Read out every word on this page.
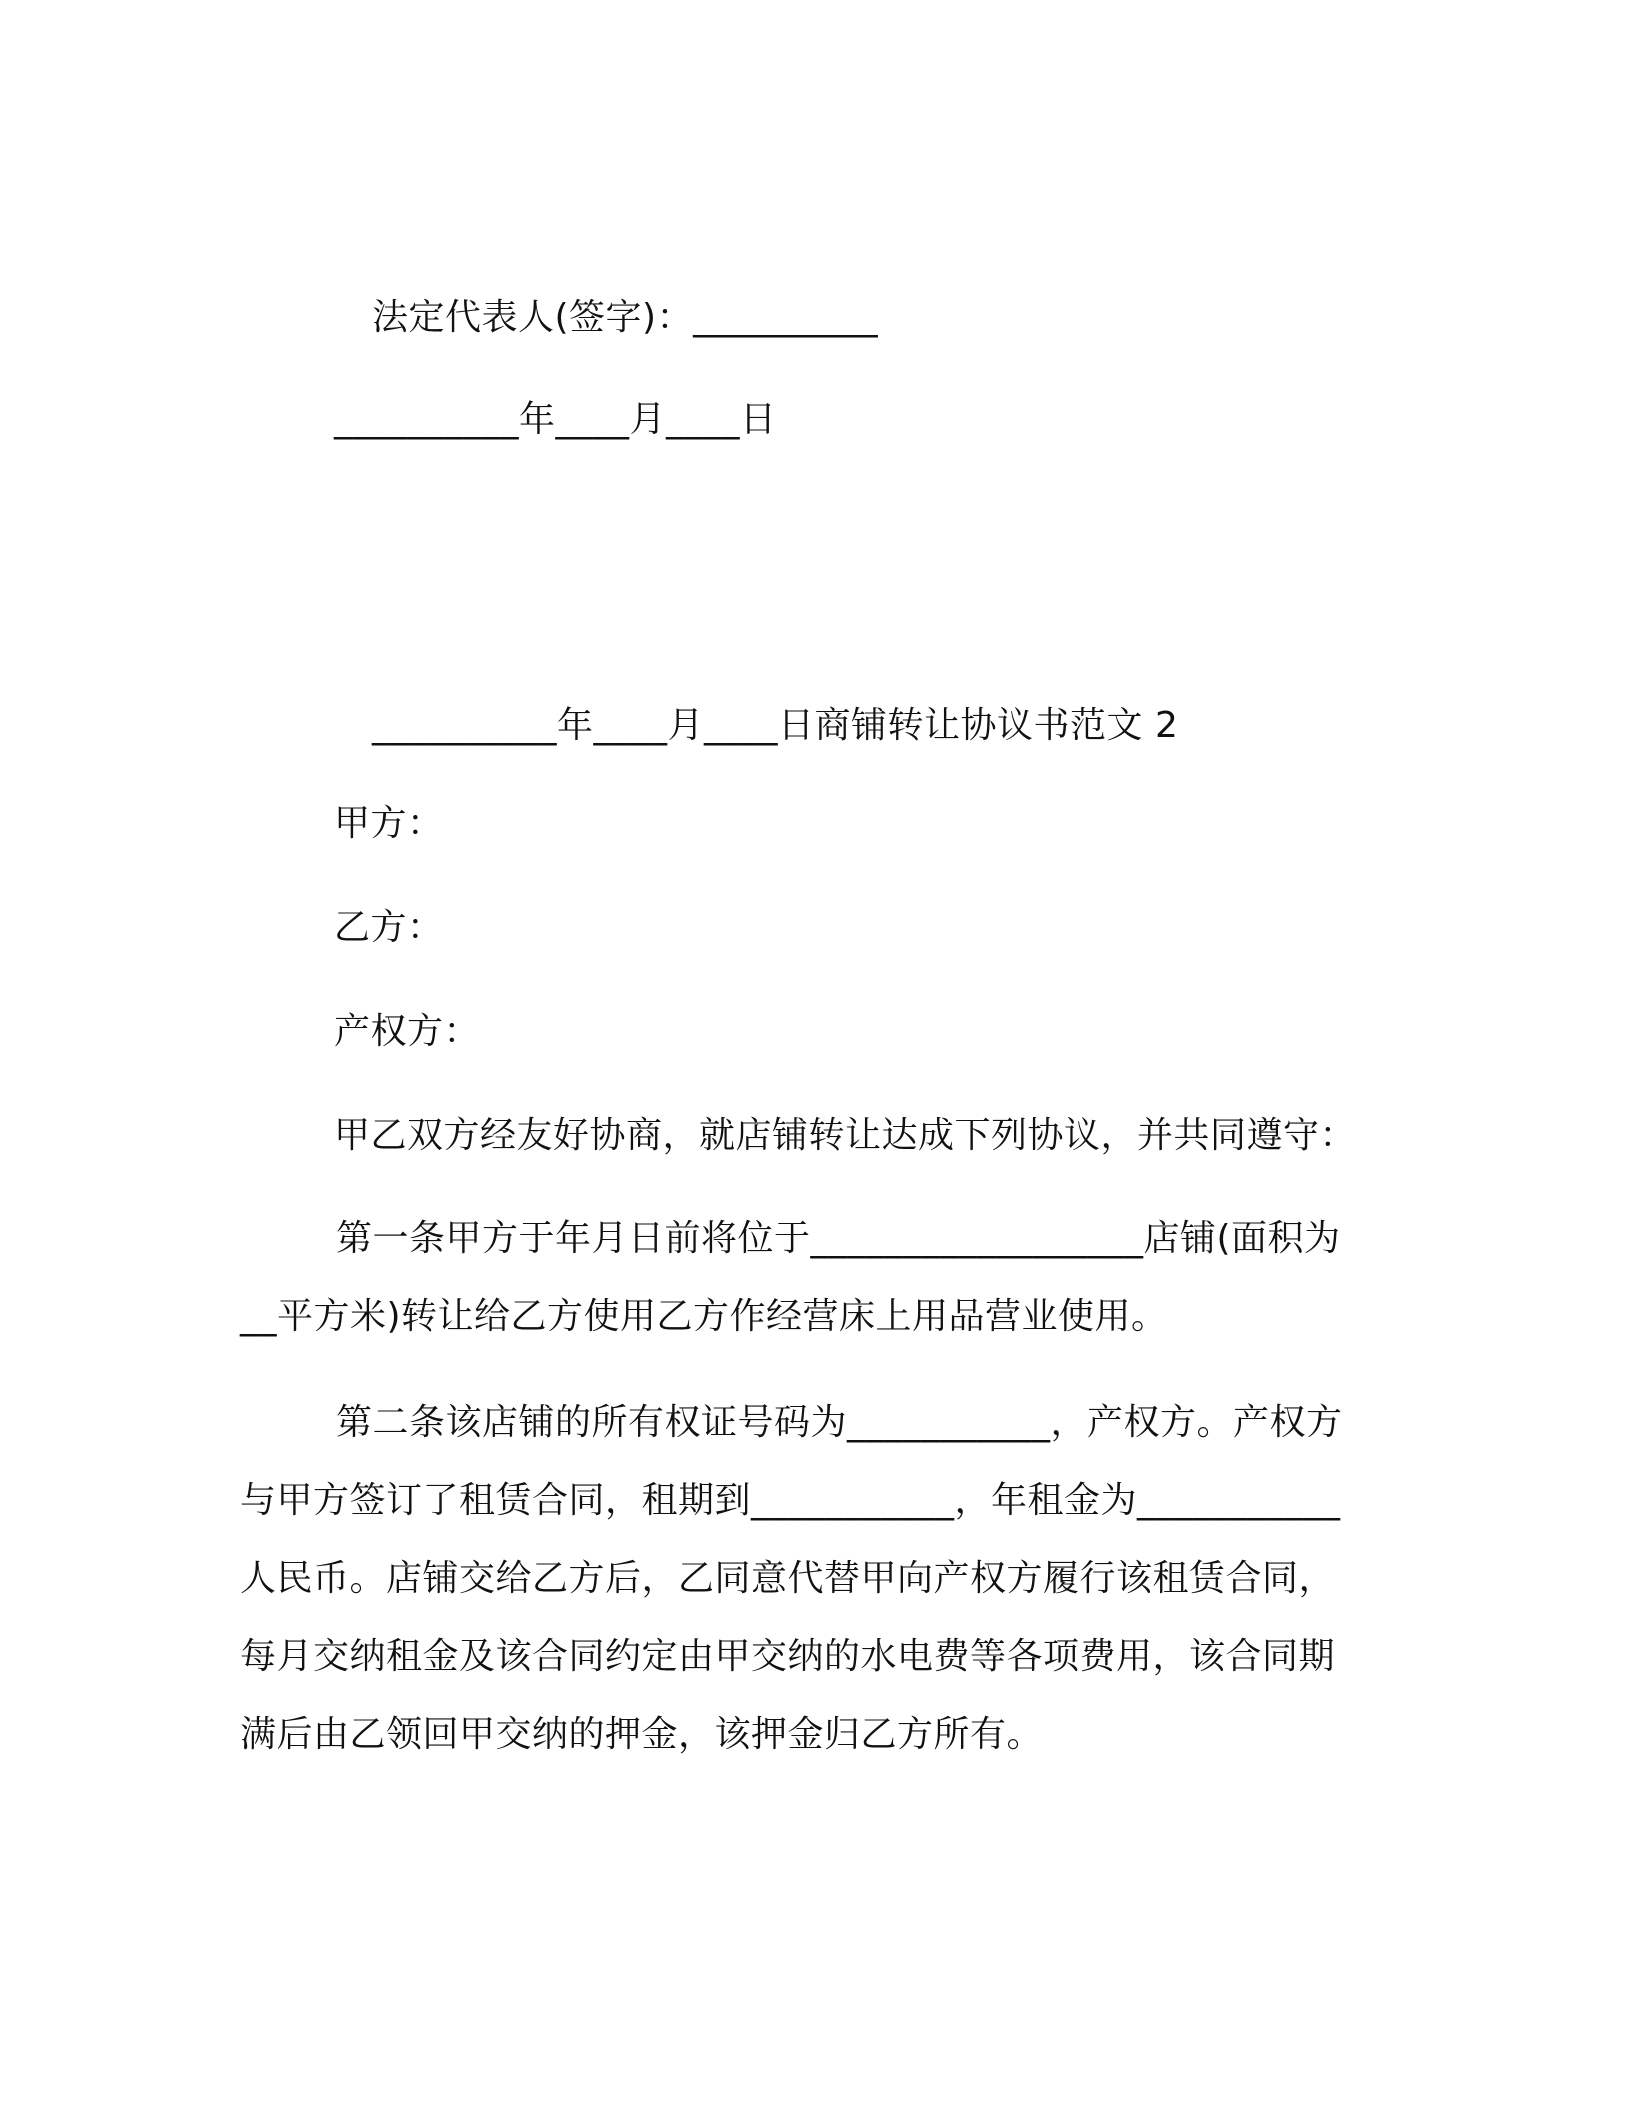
法定代表人(签字)：__________
__________年____月____日
__________年____月____日商铺转让协议书范文 2
甲方：
乙方：
产权方：
甲乙双方经友好协商，就店铺转让达成下列协议，并共同遵守：
第一条甲方于年月日前将位于__________________店铺(面积为__平方米)转让给乙方使用乙方作经营床上用品营业使用。
第二条该店铺的所有权证号码为___________，产权方。产权方与甲方签订了租赁合同，租期到___________，年租金为___________人民币。店铺交给乙方后，乙同意代替甲向产权方履行该租赁合同，每月交纳租金及该合同约定由甲交纳的水电费等各项费用，该合同期满后由乙领回甲交纳的押金，该押金归乙方所有。
